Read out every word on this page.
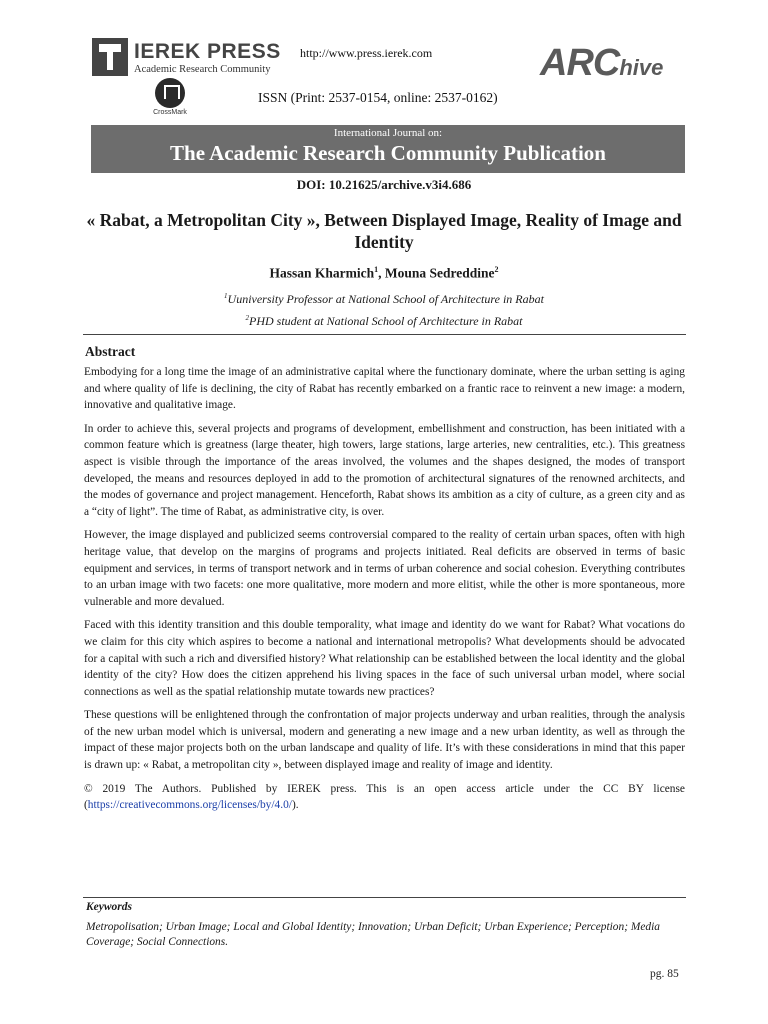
IEREK PRESS
Academic Research Community
CrossMark
http://www.press.ierek.com
ISSN (Print: 2537-0154, online: 2537-0162)
ARChive
International Journal on:
The Academic Research Community Publication
DOI: 10.21625/archive.v3i4.686
« Rabat, a Metropolitan City », Between Displayed Image, Reality of Image and Identity
Hassan Kharmich$^1$, Mouna Sedreddine$^2$
$^1$Uuniversity Professor at National School of Architecture in Rabat
$^2$PHD student at National School of Architecture in Rabat
Abstract

Embodying for a long time the image of an administrative capital where the functionary dominate, where the urban setting is aging and where quality of life is declining, the city of Rabat has recently embarked on a frantic race to reinvent a new image: a modern, innovative and qualitative image.

In order to achieve this, several projects and programs of development, embellishment and construction, has been initiated with a common feature which is greatness (large theater, high towers, large stations, large arteries, new centralities, etc.). This greatness aspect is visible through the importance of the areas involved, the volumes and the shapes designed, the modes of transport developed, the means and resources deployed in add to the promotion of architectural signatures of the renowned architects, and the modes of governance and project management. Henceforth, Rabat shows its ambition as a city of culture, as a green city and as a “city of light”. The time of Rabat, as administrative city, is over.

However, the image displayed and publicized seems controversial compared to the reality of certain urban spaces, often with high heritage value, that develop on the margins of programs and projects initiated. Real deficits are observed in terms of basic equipment and services, in terms of transport network and in terms of urban coherence and social cohesion. Everything contributes to an urban image with two facets: one more qualitative, more modern and more elitist, while the other is more spontaneous, more vulnerable and more devalued.

Faced with this identity transition and this double temporality, what image and identity do we want for Rabat? What vocations do we claim for this city which aspires to become a national and international metropolis? What developments should be advocated for a capital with such a rich and diversified history? What relationship can be established between the local identity and the global identity of the city? How does the citizen apprehend his living spaces in the face of such universal urban model, where social connections as well as the spatial relationship mutate towards new practices?

These questions will be enlightened through the confrontation of major projects underway and urban realities, through the analysis of the new urban model which is universal, modern and generating a new image and a new urban identity, as well as through the impact of these major projects both on the urban landscape and quality of life. It’s with these considerations in mind that this paper is drawn up: « Rabat, a metropolitan city », between displayed image and reality of image and identity.

© 2019 The Authors. Published by IEREK press. This is an open access article under the CC BY license (https://creativecommons.org/licenses/by/4.0/).

Keywords
Metropolisation; Urban Image; Local and Global Identity; Innovation; Urban Deficit; Urban Experience; Perception; Media Coverage; Social Connections.
pg. 85
